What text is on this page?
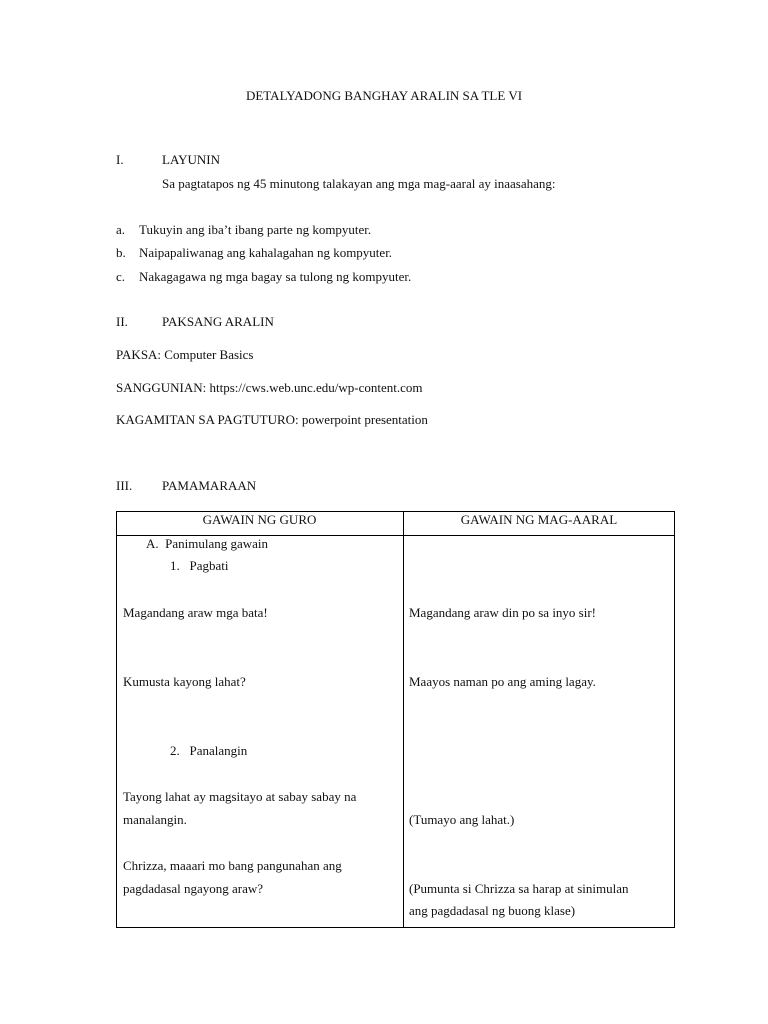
DETALYADONG BANGHAY ARALIN SA TLE VI
I.	LAYUNIN
Sa pagtatapos ng 45 minutong talakayan ang mga mag-aaral ay inaasahang:
a. Tukuyin ang iba’t ibang parte ng kompyuter.
b. Naipapaliwanag ang kahalagahan ng kompyuter.
c. Nakagagawa ng mga bagay sa tulong ng kompyuter.
II.	PAKSANG ARALIN
PAKSA: Computer Basics
SANGGUNIAN: https://cws.web.unc.edu/wp-content.com
KAGAMITAN SA PAGTUTURO: powerpoint presentation
III. PAMAMARAAN
GAWAIN NG GURO	GAWAIN NG MAG-AARAL
A.  Panimulang gawain
1.   Pagbati
Magandang araw mga bata!	Magandang araw din po sa inyo sir!
Kumusta kayong lahat?	Maayos naman po ang aming lagay.
2.   Panalangin
Tayong lahat ay magsitayo at sabay sabay na
manalangin.	(Tumayo ang lahat.)
Chrizza, maaari mo bang pangunahan ang
pagdadasal ngayong araw?	(Pumunta si Chrizza sa harap at sinimulan
ang pagdadasal ng buong klase)
